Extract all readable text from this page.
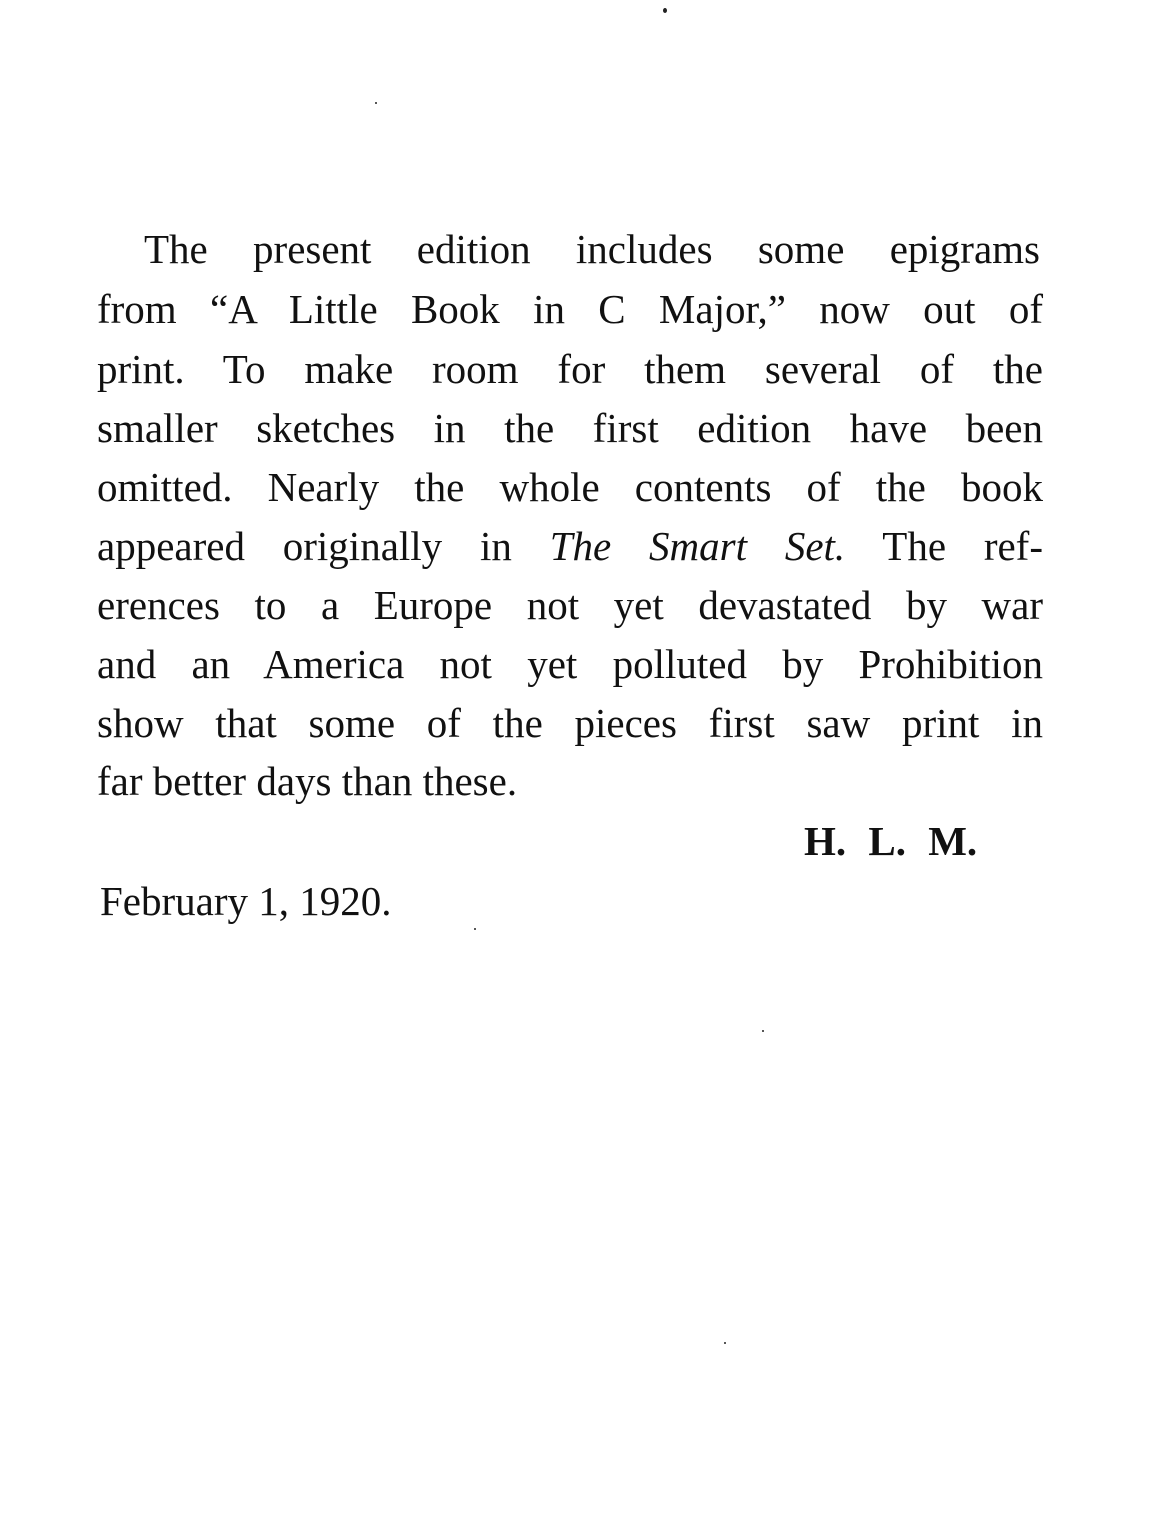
The present edition includes some epigrams
from “A Little Book in C Major,” now out of
print. To make room for them several of the
smaller sketches in the first edition have been
omitted. Nearly the whole contents of the book
appeared originally in The Smart Set. The ref-
erences to a Europe not yet devastated by war
and an America not yet polluted by Prohibition
show that some of the pieces first saw print in
far better days than these.
H. L. M.
February 1, 1920.
